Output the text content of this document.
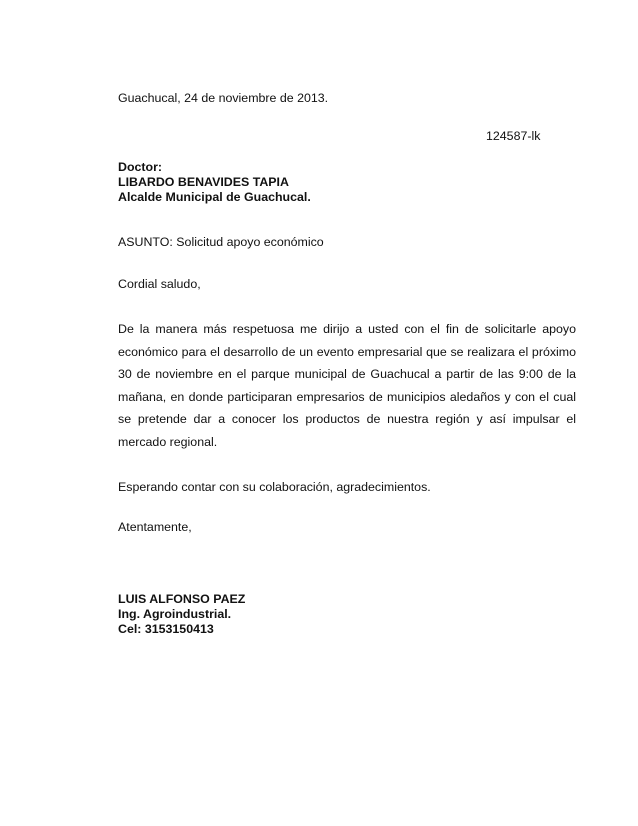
Guachucal, 24 de noviembre de 2013.

124587-lk

Doctor:
LIBARDO BENAVIDES TAPIA
Alcalde Municipal de Guachucal.

ASUNTO: Solicitud apoyo económico

Cordial saludo,

De la manera más respetuosa me dirijo a usted con el fin de solicitarle apoyo económico para el desarrollo de un evento empresarial que se realizara el próximo 30 de noviembre en el parque municipal de Guachucal a partir de las 9:00 de la mañana, en donde participaran empresarios de municipios aledaños y con el cual se pretende dar a conocer los productos de nuestra región y así impulsar el mercado regional.

Esperando contar con su colaboración, agradecimientos.

Atentamente,

LUIS ALFONSO PAEZ
Ing. Agroindustrial.
Cel: 3153150413
